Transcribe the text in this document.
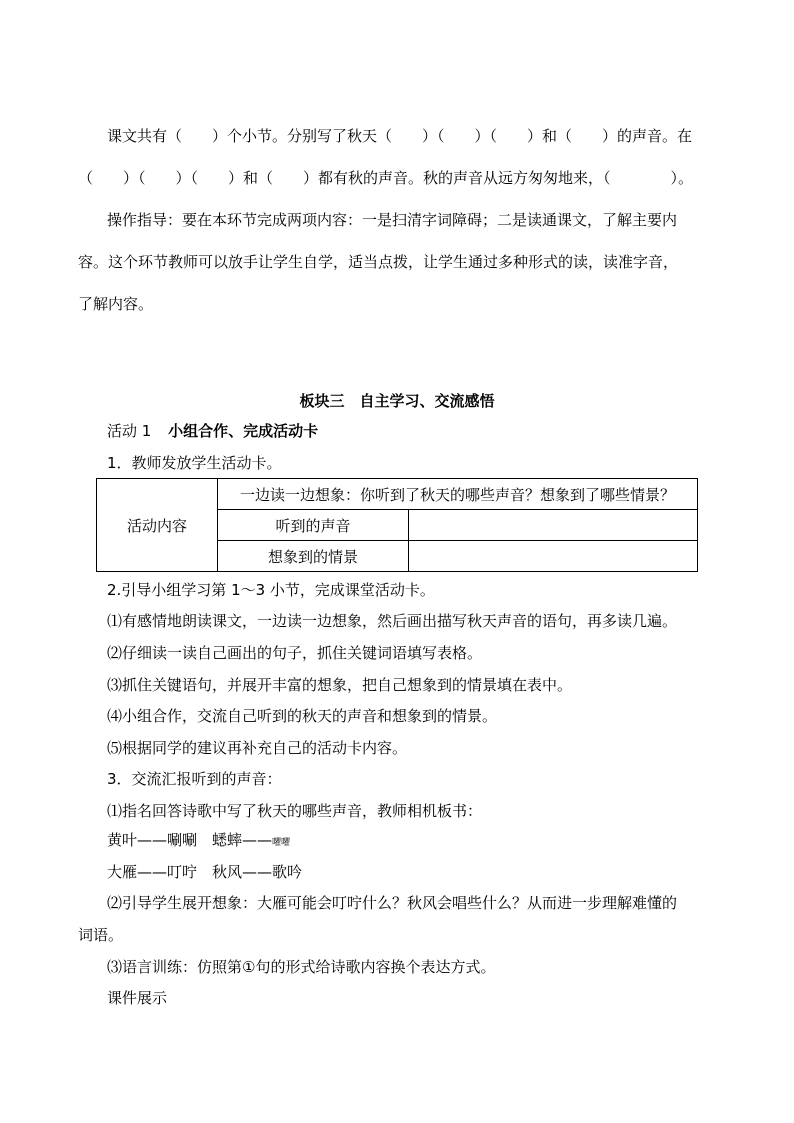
课文共有（　　）个小节。分别写了秋天（　　）（　　）（　　）和（　　）的声音。在
（　　）（　　）（　　）和（　　）都有秋的声音。秋的声音从远方匆匆地来，（　　　　）。
操作指导：要在本环节完成两项内容：一是扫清字词障碍；二是读通课文，了解主要内
容。这个环节教师可以放手让学生自学，适当点拨，让学生通过多种形式的读，读准字音，
了解内容。
板块三　自主学习、交流感悟
活动 1 小组合作、完成活动卡
1．教师发放学生活动卡。
活动内容	一边读一边想象：你听到了秋天的哪些声音？想象到了哪些情景？	
	听到的声音	
	想象到的情景	
2.引导小组学习第 1～3 小节，完成课堂活动卡。
⑴有感情地朗读课文，一边读一边想象，然后画出描写秋天声音的语句，再多读几遍。
⑵仔细读一读自己画出的句子，抓住关键词语填写表格。
⑶抓住关键语句，并展开丰富的想象，把自己想象到的情景填在表中。
⑷小组合作，交流自己听到的秋天的声音和想象到的情景。
⑸根据同学的建议再补充自己的活动卡内容。
3．交流汇报听到的声音：
⑴指名回答诗歌中写了秋天的哪些声音，教师相机板书：
黄叶——唰唰　蟋蟀——㘗㘗
大雁——叮咛　秋风——歌吟
⑵引导学生展开想象：大雁可能会叮咛什么？秋风会唱些什么？从而进一步理解难懂的
词语。
⑶语言训练：仿照第①句的形式给诗歌内容换个表达方式。
课件展示
